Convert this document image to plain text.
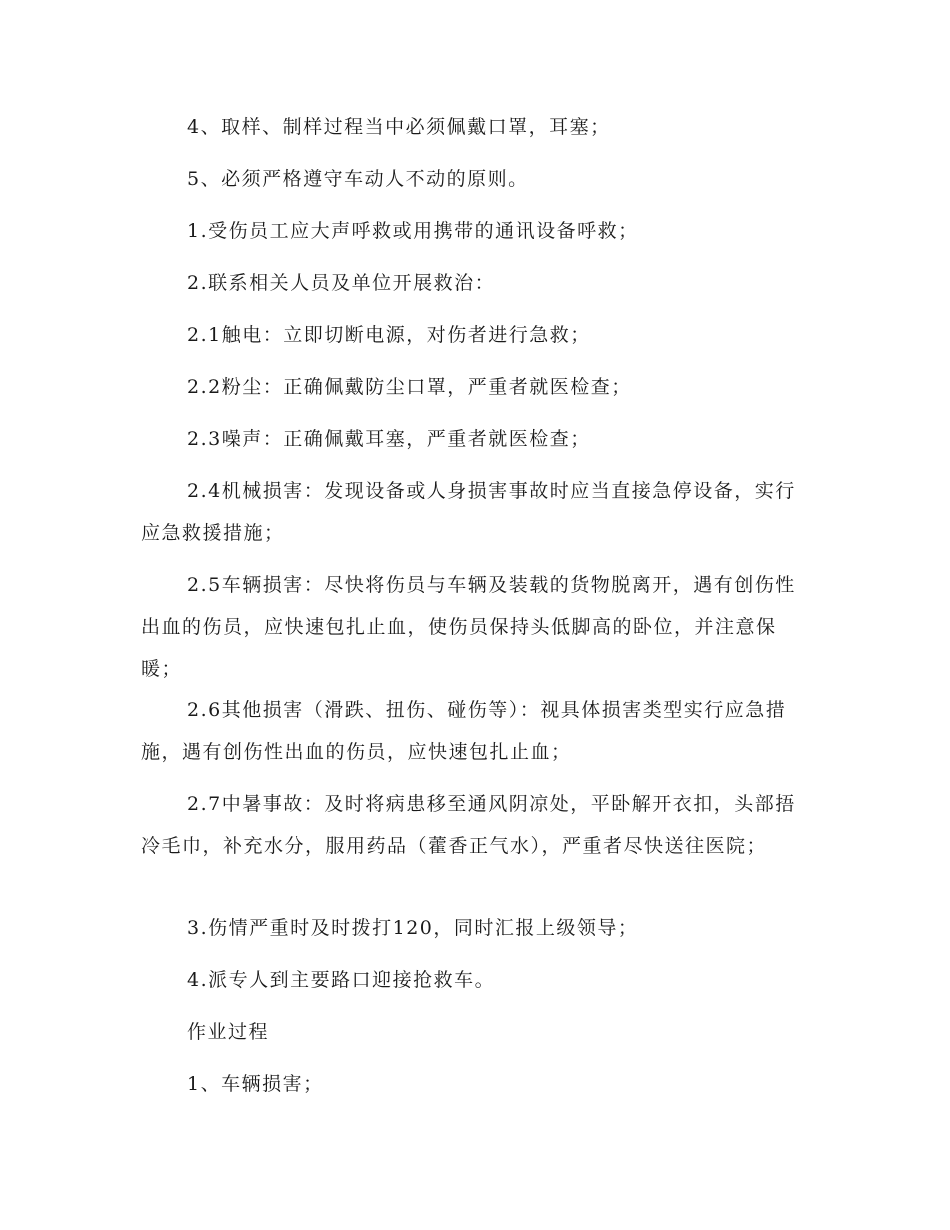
4、取样、制样过程当中必须佩戴口罩，耳塞；

5、必须严格遵守车动人不动的原则。

1.受伤员工应大声呼救或用携带的通讯设备呼救；

2.联系相关人员及单位开展救治：

2.1触电：立即切断电源，对伤者进行急救；

2.2粉尘：正确佩戴防尘口罩，严重者就医检查；

2.3噪声：正确佩戴耳塞，严重者就医检查；

2.4机械损害：发现设备或人身损害事故时应当直接急停设备，实行应急救援措施；

2.5车辆损害：尽快将伤员与车辆及装载的货物脱离开，遇有创伤性出血的伤员，应快速包扎止血，使伤员保持头低脚高的卧位，并注意保暖；

2.6其他损害（滑跌、扭伤、碰伤等）：视具体损害类型实行应急措施，遇有创伤性出血的伤员，应快速包扎止血；

2.7中暑事故：及时将病患移至通风阴凉处，平卧解开衣扣，头部捂冷毛巾，补充水分，服用药品（藿香正气水），严重者尽快送往医院；

3.伤情严重时及时拨打120，同时汇报上级领导；

4.派专人到主要路口迎接抢救车。

作业过程

1、车辆损害；
